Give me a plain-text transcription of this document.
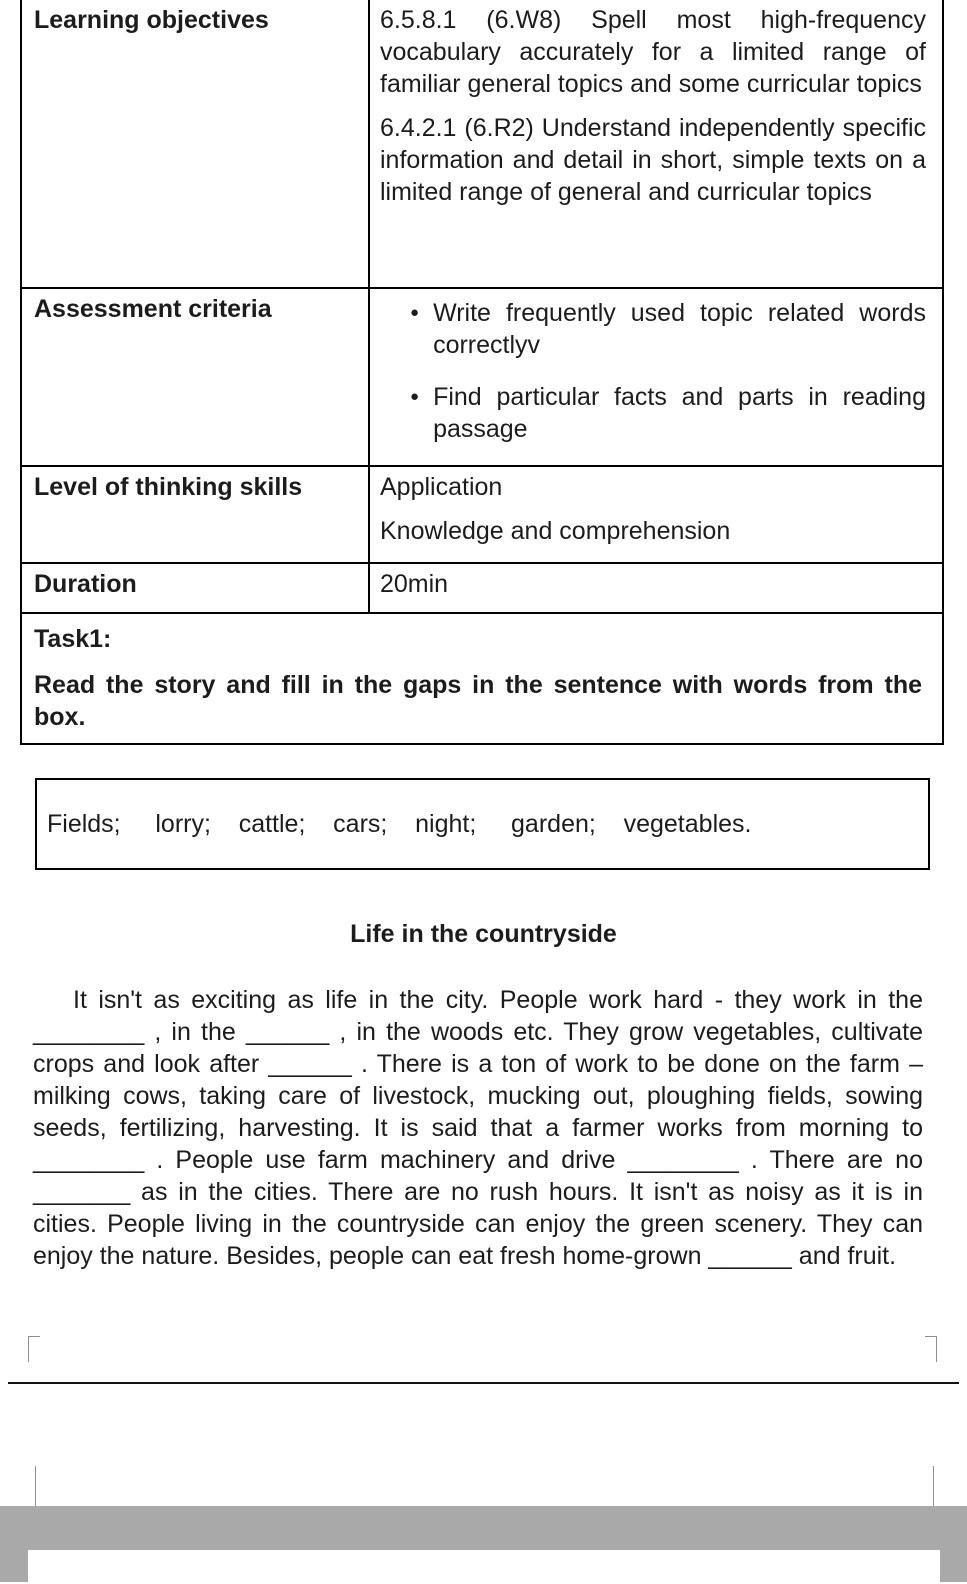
Learning objectives	6.5.8.1 (6.W8) Spell most high-frequency vocabulary accurately for a limited range of familiar general topics and some curricular topics

6.4.2.1 (6.R2) Understand independently specific information and detail in short, simple texts on a limited range of general and curricular topics

Assessment criteria	● Write frequently used topic related words correctlyv
● Find particular facts and parts in reading passage
Level of thinking skills	Application

Knowledge and comprehension

Duration	20min

Task1:

Read the story and fill in the gaps in the sentence with words from the box.

Fields;     lorry;    cattle;    cars;    night;     garden;    vegetables.
Life in the countryside

It isn't as exciting as life in the city. People work hard - they work in the ________ , in the ______ , in the woods etc. They grow vegetables, cultivate crops and look after ______ . There is a ton of work to be done on the farm – milking cows, taking care of livestock, mucking out, ploughing fields, sowing seeds, fertilizing, harvesting. It is said that a farmer works from morning to ________ . People use farm machinery and drive ________ . There are no _______ as in the cities. There are no rush hours. It isn't as noisy as it is in cities. People living in the countryside can enjoy the green scenery. They can enjoy the nature. Besides, people can eat fresh home-grown ______ and fruit.
